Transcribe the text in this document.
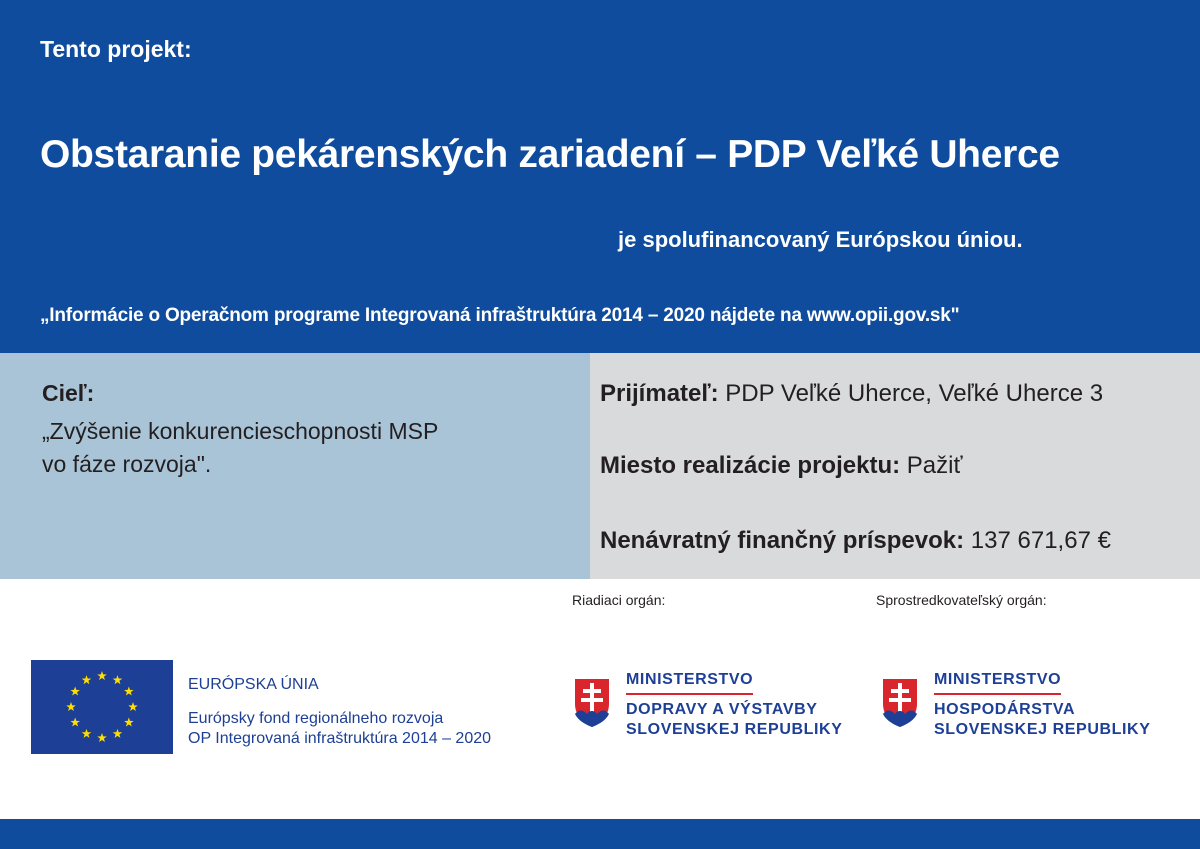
Tento projekt:
Obstaranie pekárenských zariadení – PDP Veľké Uherce
je spolufinancovaný Európskou úniou.
„Informácie o Operačnom programe Integrovaná infraštruktúra 2014 – 2020 nájdete na www.opii.gov.sk"
Cieľ:
„Zvýšenie konkurencieschopnosti MSP
vo fáze rozvoja".
Prijímateľ: PDP Veľké Uherce, Veľké Uherce 3
Miesto realizácie projektu: Pažiť
Nenávratný finančný príspevok: 137 671,67 €
Riadiaci orgán:	Sprostredkovateľský orgán:
EURÓPSKA ÚNIA
Európsky fond regionálneho rozvoja
OP Integrovaná infraštruktúra 2014 – 2020
MINISTERSTVO
DOPRAVY A VÝSTAVBY
SLOVENSKEJ REPUBLIKY
MINISTERSTVO
HOSPODÁRSTVA
SLOVENSKEJ REPUBLIKY
